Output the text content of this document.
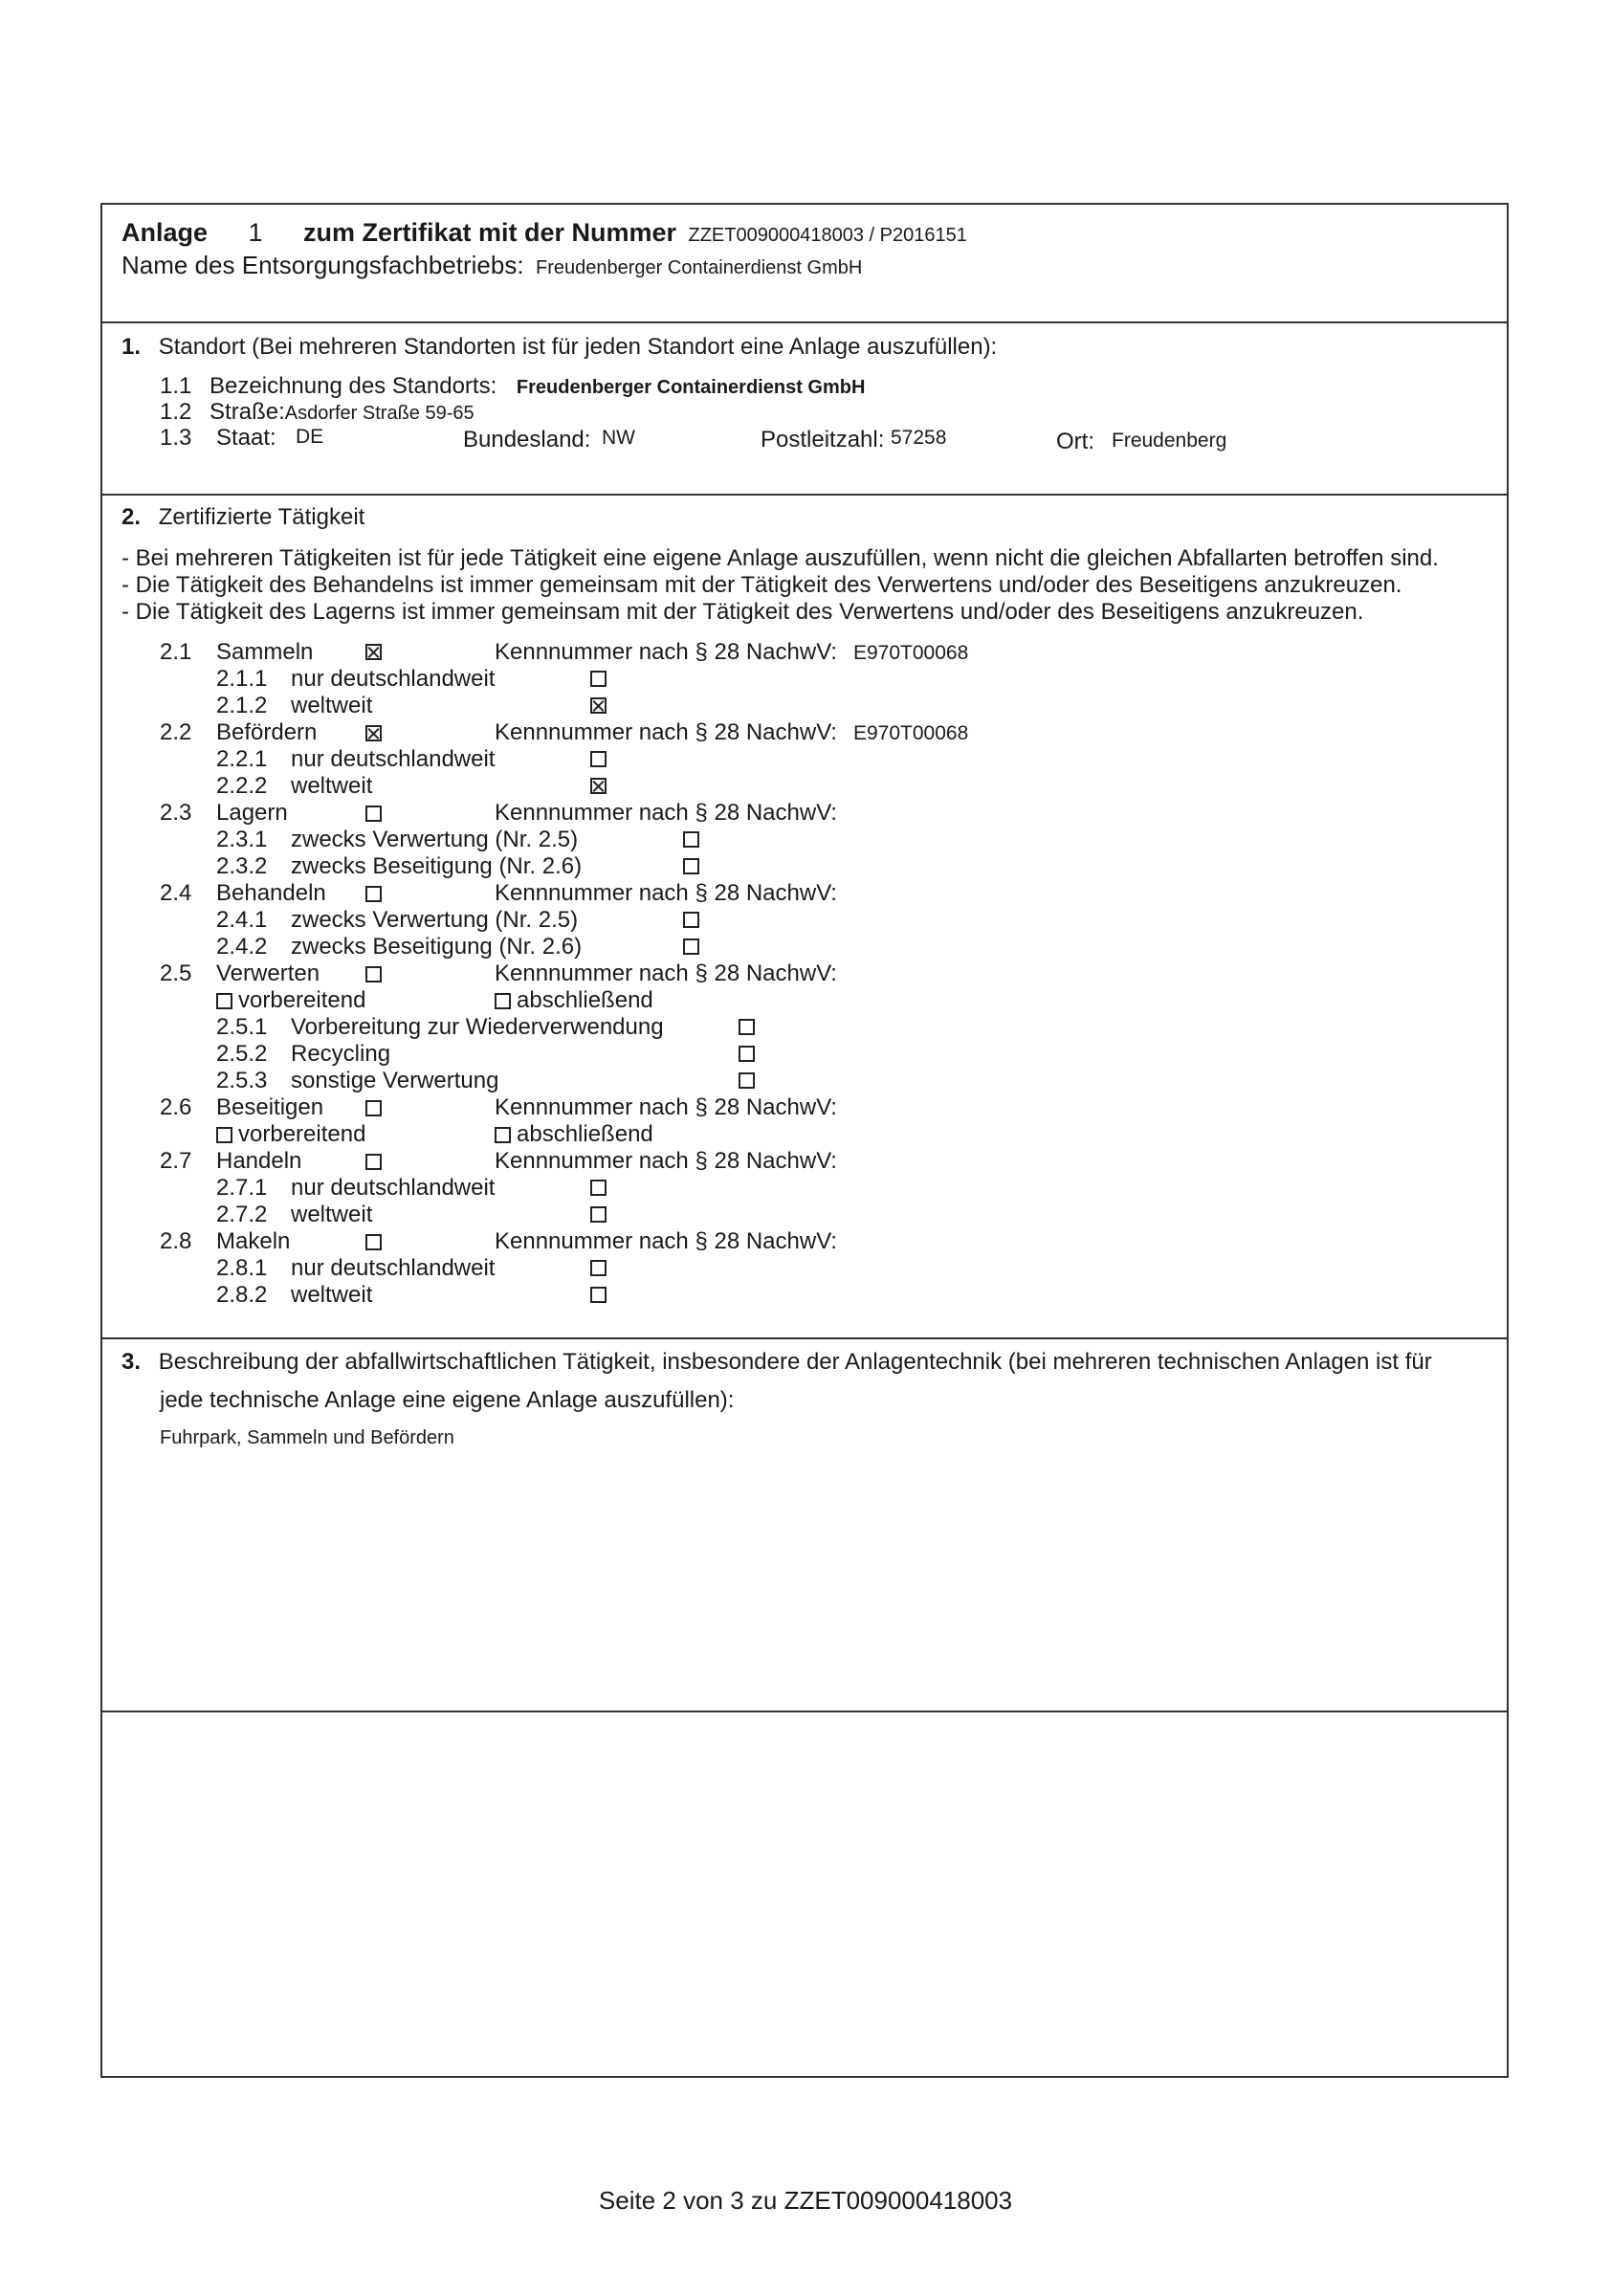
Anlage 1 zum Zertifikat mit der Nummer ZZET009000418003 / P2016151
Name des Entsorgungsfachbetriebs: Freudenberger Containerdienst GmbH
1. Standort (Bei mehreren Standorten ist für jeden Standort eine Anlage auszufüllen):
1.1 Bezeichnung des Standorts: Freudenberger Containerdienst GmbH
1.2 Straße:Asdorfer Straße 59-65
1.3 Staat: DE	Bundesland: NW	Postleitzahl: 57258	Ort: Freudenberg
2. Zertifizierte Tätigkeit
- Bei mehreren Tätigkeiten ist für jede Tätigkeit eine eigene Anlage auszufüllen, wenn nicht die gleichen Abfallarten betroffen sind.
- Die Tätigkeit des Behandelns ist immer gemeinsam mit der Tätigkeit des Verwertens und/oder des Beseitigens anzukreuzen.
- Die Tätigkeit des Lagerns ist immer gemeinsam mit der Tätigkeit des Verwertens und/oder des Beseitigens anzukreuzen.
2.1 Sammeln	Kennnummer nach § 28 NachwV: E970T00068
2.1.1 nur deutschlandweit
2.1.2 weltweit
2.2 Befördern	Kennnummer nach § 28 NachwV: E970T00068
2.2.1 nur deutschlandweit
2.2.2 weltweit
2.3 Lagern	Kennnummer nach § 28 NachwV:
2.3.1 zwecks Verwertung (Nr. 2.5)
2.3.2 zwecks Beseitigung (Nr. 2.6)
2.4 Behandeln	Kennnummer nach § 28 NachwV:
2.4.1 zwecks Verwertung (Nr. 2.5)
2.4.2 zwecks Beseitigung (Nr. 2.6)
2.5 Verwerten	Kennnummer nach § 28 NachwV:
vorbereitend	abschließend
2.5.1 Vorbereitung zur Wiederverwendung
2.5.2 Recycling
2.5.3 sonstige Verwertung
2.6 Beseitigen	Kennnummer nach § 28 NachwV:
vorbereitend	abschließend
2.7 Handeln	Kennnummer nach § 28 NachwV:
2.7.1 nur deutschlandweit
2.7.2 weltweit
2.8 Makeln	Kennnummer nach § 28 NachwV:
2.8.1 nur deutschlandweit
2.8.2 weltweit
3. Beschreibung der abfallwirtschaftlichen Tätigkeit, insbesondere der Anlagentechnik (bei mehreren technischen Anlagen ist für
jede technische Anlage eine eigene Anlage auszufüllen):
Fuhrpark, Sammeln und Befördern
Seite 2 von 3 zu ZZET009000418003
